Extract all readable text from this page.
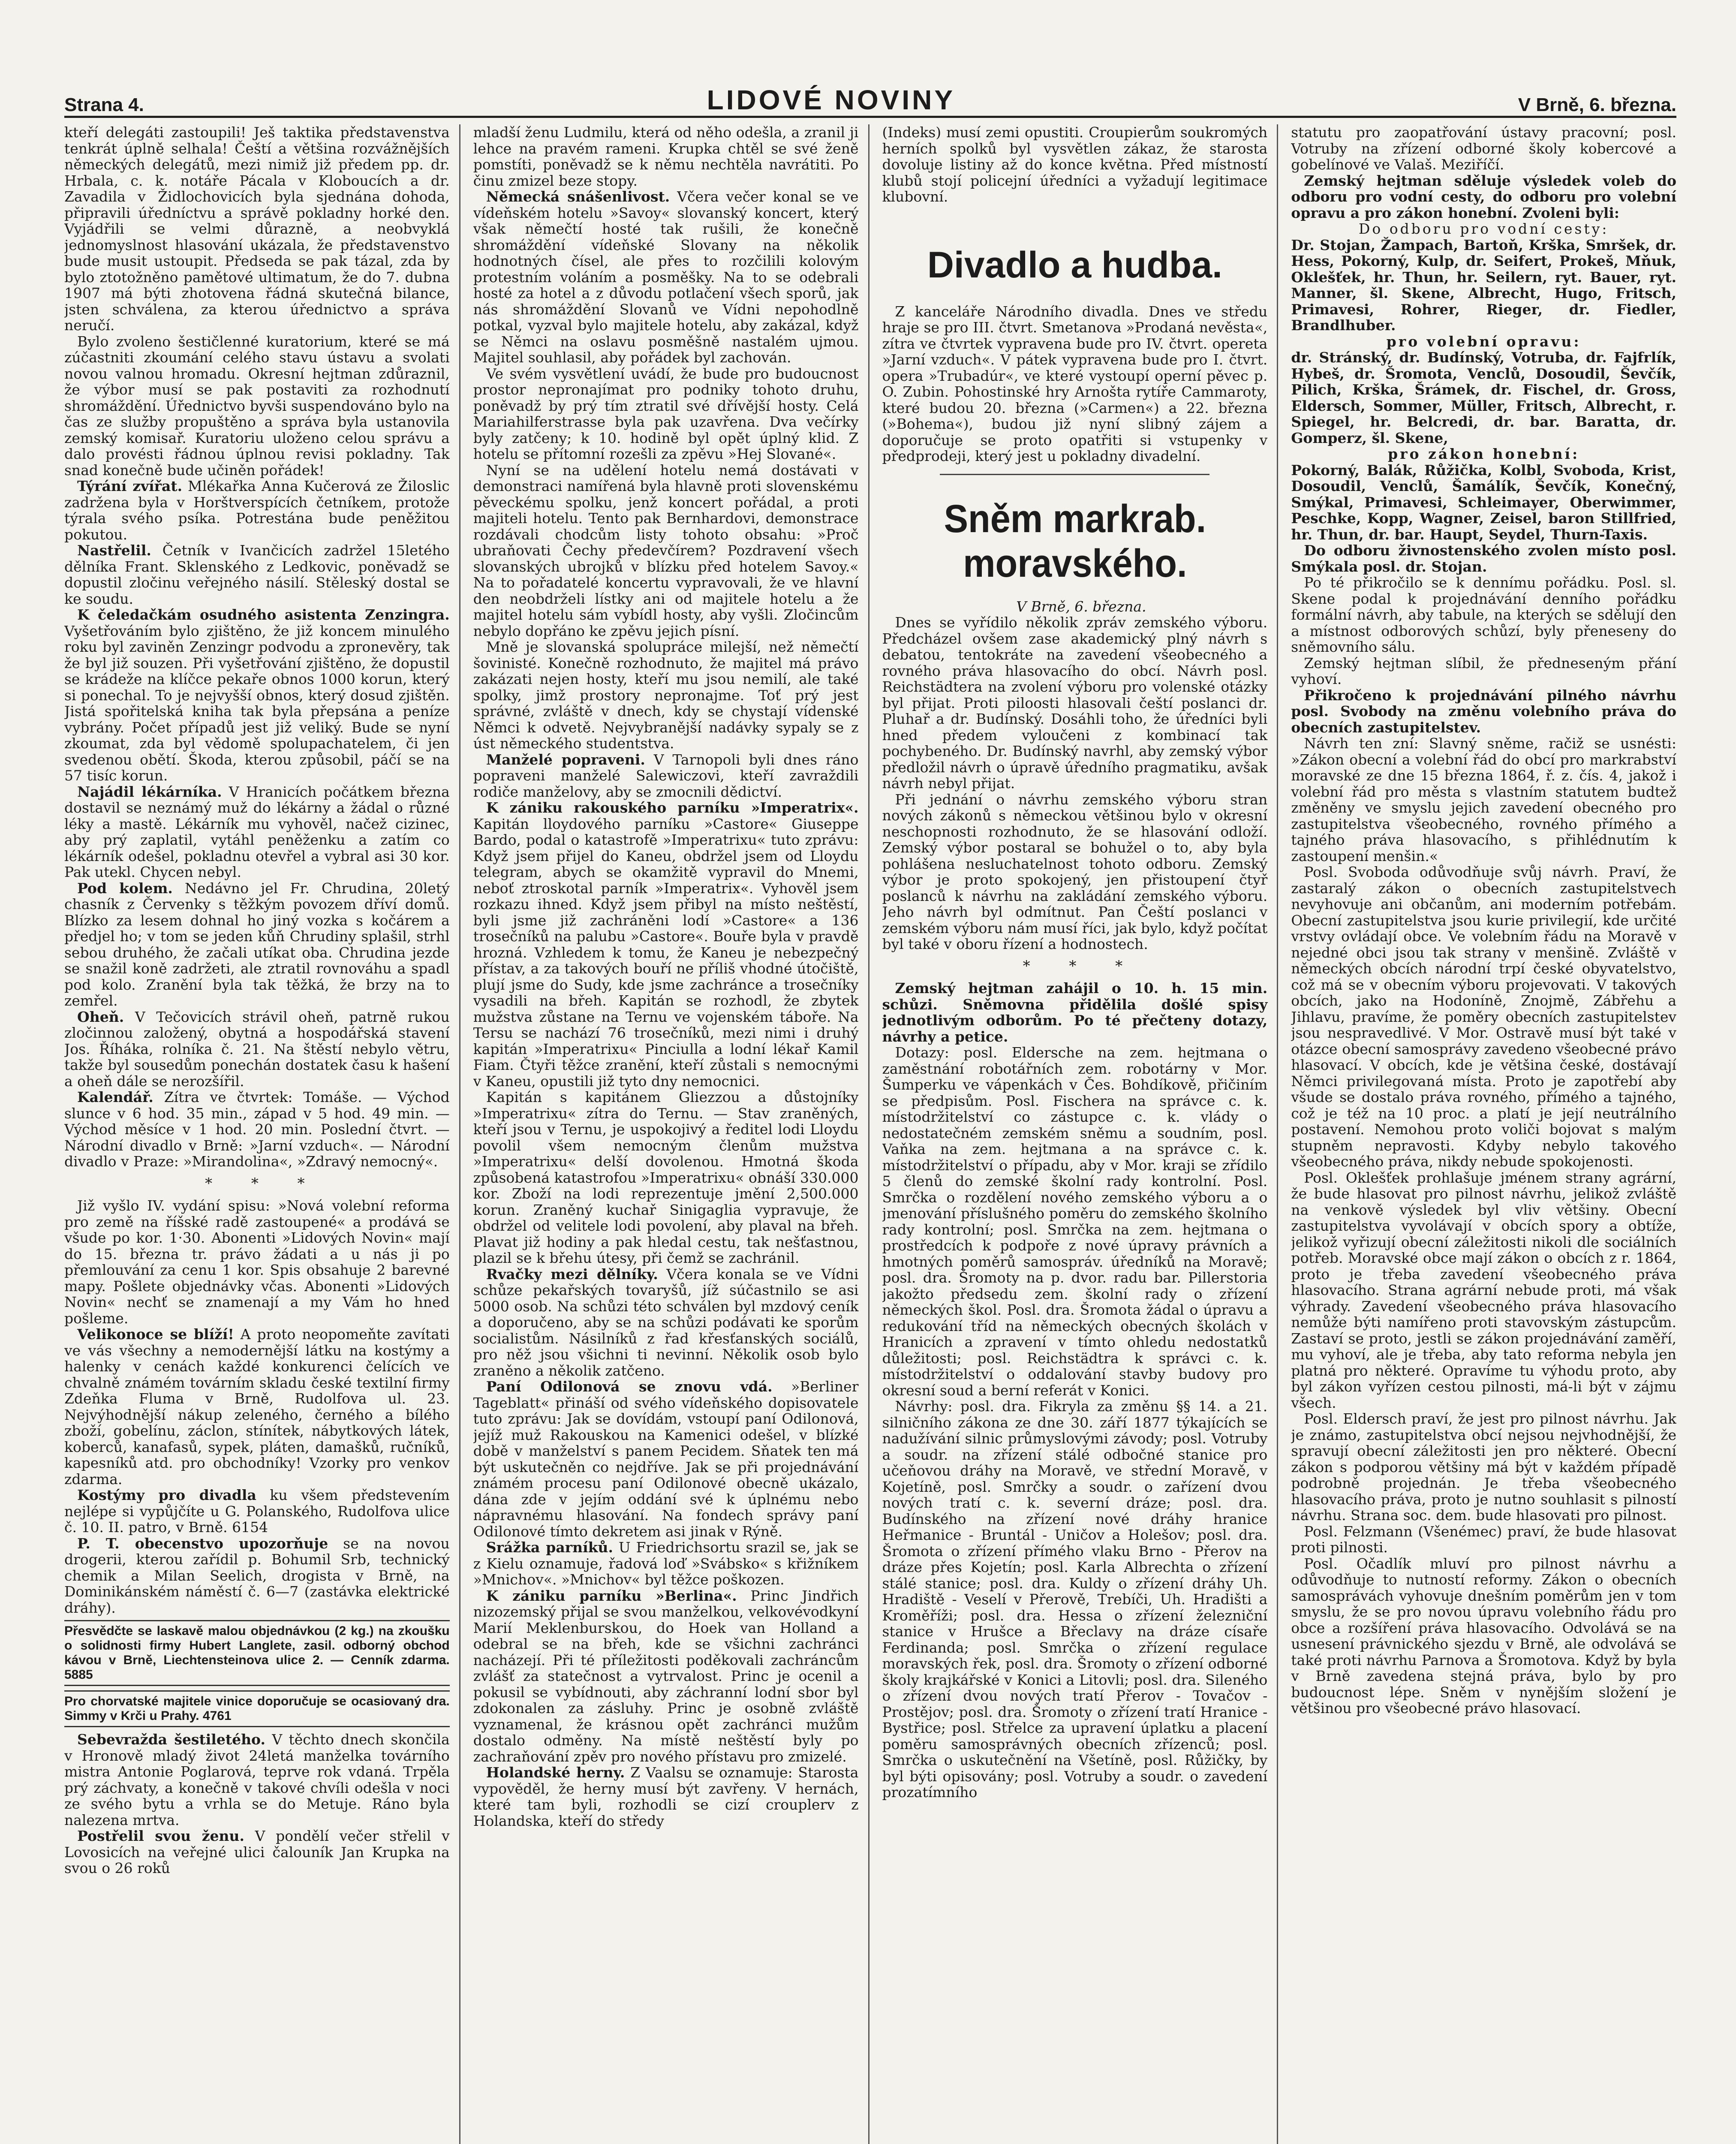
Strana 4.	LIDOVÉ NOVINY	V Brně, 6. března.

kteří delegáti zastoupili! Ješ taktika představenstva tenkrát úplně selhala! Čeští a většina rozvážnějších německých delegátů, mezi nimiž již předem pp. dr. Hrbala, c. k. notáře Pácala v Kloboucích a dr. Zavadila v Židlochovicích byla sjednána dohoda, připravili úředníctvu a správě pokladny horké den. Vyjádřili se velmi důrazně, a neobvyklá jednomyslnost hlasování ukázala, že představenstvo bude musit ustoupit. Předseda se pak tázal, zda by bylo ztotožněno pamětové ultimatum, že do 7. dubna 1907 má býti zhotovena řádná skutečná bilance, jsten schválena, za kterou úřednictvo a správa neručí.

Bylo zvoleno šestičlenné kuratorium, které se má zúčastniti zkoumání celého stavu ústavu a svolati novou valnou hromadu. Okresní hejtman zdůraznil, že výbor musí se pak postaviti za rozhodnutí shromáždění. Úřednictvo byvši suspendováno bylo na čas ze služby propuštěno a správa byla ustanovila zemský komisař. Kuratoriu uloženo celou správu a dalo provésti řádnou úplnou revisi pokladny. Tak snad konečně bude učiněn pořádek!

Týrání zvířat. Mlékařka Anna Kučerová ze Žiloslic zadržena byla v Horštverspících četníkem, protože týrala svého psíka. Potrestána bude peněžitou pokutou.

Nastřelil. Četník v Ivančicích zadržel 15letého dělníka Frant. Sklenského z Ledkovic, poněvadž se dopustil zločinu veřejného násilí. Stěleský dostal se ke soudu.

K čeledačkám osudného asistenta Zenzingra. Vyšetřováním bylo zjištěno, že již koncem minulého roku byl zaviněn Zenzingr podvodu a zpronevěry, tak že byl již souzen. Při vyšetřování zjištěno, že dopustil se krádeže na klíčce pekaře obnos 1000 korun, který si ponechal. To je nejvyšší obnos, který dosud zjištěn. Jistá spořitelská kniha tak byla přepsána a peníze vybrány. Počet případů jest již veliký. Bude se nyní zkoumat, zda byl vědomě spolupachatelem, či jen svedenou obětí. Škoda, kterou způsobil, páčí se na 57 tisíc korun.

Najádil lékárníka. V Hranicích počátkem března dostavil se neznámý muž do lékárny a žádal o různé léky a mastě. Lékárník mu vyhověl, načež cizinec, aby prý zaplatil, vytáhl peněženku a zatím co lékárník odešel, pokladnu otevřel a vybral asi 30 kor. Pak utekl. Chycen nebyl.

Pod kolem. Nedávno jel Fr. Chrudina, 20letý chasník z Červenky s těžkým povozem dříví domů. Blízko za lesem dohnal ho jiný vozka s kočárem a předjel ho; v tom se jeden kůň Chrudiny splašil, strhl sebou druhého, že začali utíkat oba. Chrudina jezde se snažil koně zadržeti, ale ztratil rovnováhu a spadl pod kolo. Zranění byla tak těžká, že brzy na to zemřel.

Oheň. V Tečovicích strávil oheň, patrně rukou zločinnou založený, obytná a hospodářská stavení Jos. Říháka, rolníka č. 21. Na štěstí nebylo větru, takže byl sousedům ponechán dostatek času k hašení a oheň dále se nerozšířil.

Kalendář. Zítra ve čtvrtek: Tomáše. — Východ slunce v 6 hod. 35 min., západ v 5 hod. 49 min. — Východ měsíce v 1 hod. 20 min. Poslední čtvrt. — Národní divadlo v Brně: »Jarní vzduch«. — Národní divadlo v Praze: »Mirandolina«, »Zdravý nemocný«.

* * *

Již vyšlo IV. vydání spisu: »Nová volební reforma pro země na říšské radě zastoupené« a prodává se všude po kor. 1·30. Abonenti »Lidových Novin« mají do 15. března tr. právo žádati a u nás ji po přemlouvání za cenu 1 kor. Spis obsahuje 2 barevné mapy. Pošlete objednávky včas. Abonenti »Lidových Novin« nechť se znamenají a my Vám ho hned pošleme.

Velikonoce se blíží! A proto neopomeňte zavítati ve vás všechny a nemodernější látku na kostýmy a halenky v cenách každé konkurenci čelících ve chvalně známém továrním skladu české textilní firmy Zdeňka Fluma v Brně, Rudolfova ul. 23. Nejvýhodnější nákup zeleného, černého a bílého zboží, gobelínu, záclon, stínítek, nábytkových látek, koberců, kanafasů, sypek, pláten, damašků, ručníků, kapesníků atd. pro obchodníky! Vzorky pro venkov zdarma.

Kostýmy pro divadla ku všem předstevením nejlépe si vypůjčíte u G. Polanského, Rudolfova ulice č. 10. II. patro, v Brně. 6154

P. T. obecenstvo upozorňuje se na novou drogerii, kterou zařídil p. Bohumil Srb, technický chemik a Milan Seelich, drogista v Brně, na Dominikánském náměstí č. 6—7 (zastávka elektrické dráhy).

Přesvědčte se laskavě malou objednávkou (2 kg.) na zkoušku o solidnosti firmy Hubert Langlete, zasil. odborný obchod kávou v Brně, Liechtensteinova ulice 2. — Cenník zdarma. 5885
Pro chorvatské majitele vinice doporučuje se ocasiovaný dra. Simmy v Krči u Prahy. 4761

Sebevražda šestiletého. V těchto dnech skončila v Hronově mladý život 24letá manželka továrního mistra Antonie Poglarová, teprve rok vdaná. Trpěla prý záchvaty, a konečně v takové chvíli odešla v noci ze svého bytu a vrhla se do Metuje. Ráno byla nalezena mrtva.

Postřelil svou ženu. V pondělí večer střelil v Lovosicích na veřejné ulici čalouník Jan Krupka na svou o 26 roků

mladší ženu Ludmilu, která od něho odešla, a zranil ji lehce na pravém rameni. Krupka chtěl se své ženě pomstíti, poněvadž se k němu nechtěla navrátiti. Po činu zmizel beze stopy.

Německá snášenlivost. Včera večer konal se ve vídeňském hotelu »Savoy« slovanský koncert, který však němečtí hosté tak rušili, že konečně shromáždění vídeňské Slovany na několik hodnotných čísel, ale přes to rozčilili kolovým protestním voláním a posměšky. Na to se odebrali hosté za hotel a z důvodu potlačení všech sporů, jak nás shromáždění Slovanů ve Vídni nepohodlně potkal, vyzval bylo majitele hotelu, aby zakázal, když se Němci na oslavu posměšně nastalém ujmou. Majitel souhlasil, aby pořádek byl zachován.

Ve svém vysvětlení uvádí, že bude pro budoucnost prostor nepronajímat pro podniky tohoto druhu, poněvadž by prý tím ztratil své dřívější hosty. Celá Mariahilferstrasse byla pak uzavřena. Dva večírky byly zatčeny; k 10. hodině byl opět úplný klid. Z hotelu se přítomní rozešli za zpěvu »Hej Slované«.

Nyní se na udělení hotelu nemá dostávati v demonstraci namířená byla hlavně proti slovenskému pěveckému spolku, jenž koncert pořádal, a proti majiteli hotelu. Tento pak Bernhardovi, demonstrace rozdávali chodcům listy tohoto obsahu: »Proč ubraňovati Čechy předevčírem? Pozdravení všech slovanských ubrojků v blízku před hotelem Savoy.« Na to pořadatelé koncertu vypravovali, že ve hlavní den neobdrželi lístky ani od majitele hotelu a že majitel hotelu sám vybídl hosty, aby vyšli. Zločincům nebylo dopřáno ke zpěvu jejich písní.

Mně je slovanská spolupráce milejší, než němečtí šovinisté. Konečně rozhodnuto, že majitel má právo zakázati nejen hosty, kteří mu jsou nemilí, ale také spolky, jimž prostory nepronajme. Toť prý jest správné, zvláště v dnech, kdy se chystají vídenské Němci k odvetě. Nejvybranější nadávky sypaly se z úst německého studentstva.

Manželé popraveni. V Tarnopoli byli dnes ráno popraveni manželé Salewiczovi, kteří zavraždili rodiče manželovy, aby se zmocnili dědictví.

K zániku rakouského parníku »Imperatrix«. Kapitán lloydového parníku »Castore« Giuseppe Bardo, podal o katastrofě »Imperatrixu« tuto zprávu: Když jsem přijel do Kaneu, obdržel jsem od Lloydu telegram, abych se okamžitě vypravil do Mnemi, neboť ztroskotal parník »Imperatrix«. Vyhověl jsem rozkazu ihned. Když jsem přibyl na místo neštěstí, byli jsme již zachráněni lodí »Castore« a 136 trosečníků na palubu »Castore«. Bouře byla v pravdě hrozná. Vzhledem k tomu, že Kaneu je nebezpečný přístav, a za takových bouří ne příliš vhodné útočiště, plují jsme do Sudy, kde jsme zachránce a trosečníky vysadili na břeh. Kapitán se rozhodl, že zbytek mužstva zůstane na Ternu ve vojenském táboře. Na Tersu se nachází 76 trosečníků, mezi nimi i druhý kapitán »Imperatrixu« Pinciulla a lodní lékař Kamil Fiam. Čtyři těžce zranění, kteří zůstali s nemocnými v Kaneu, opustili již tyto dny nemocnici.

Kapitán s kapitánem Gliezzou a důstojníky »Imperatrixu« zítra do Ternu. — Stav zraněných, kteří jsou v Ternu, je uspokojivý a ředitel lodi Lloydu povolil všem nemocným členům mužstva »Imperatrixu« delší dovolenou. Hmotná škoda způsobená katastrofou »Imperatrixu« obnáší 330.000 kor. Zboží na lodi reprezentuje jmění 2,500.000 korun. Zraněný kuchař Sinigaglia vypravuje, že obdržel od velitele lodi povolení, aby plaval na břeh. Plavat již hodiny a pak hledal cestu, tak nešťastnou, plazil se k břehu útesy, při čemž se zachránil.

Rvačky mezi dělníky. Včera konala se ve Vídni schůze pekařských tovaryšů, jíž súčastnilo se asi 5000 osob. Na schůzi této schválen byl mzdový ceník a doporučeno, aby se na schůzi podávati ke sporům socialistům. Násilníků z řad křesťanských sociálů, pro něž jsou všichni ti nevinní. Několik osob bylo zraněno a několik zatčeno.

Paní Odilonová se znovu vdá. »Berliner Tageblatt« přináší od svého vídeňského dopisovatele tuto zprávu: Jak se dovídám, vstoupí paní Odilonová, jejíž muž Rakouskou na Kamenici odešel, v blízké době v manželství s panem Pecidem. Sňatek ten má být uskutečněn co nejdříve. Jak se při projednávání známém procesu paní Odilonové obecně ukázalo, dána zde v jejím oddání své k úplnému nebo nápravnému hlasování. Na fondech správy paní Odilonové tímto dekretem asi jinak v Rýně.

Srážka parníků. U Friedrichsortu srazil se, jak se z Kielu oznamuje, řadová loď »Svábsko« s křižníkem »Mnichov«. »Mnichov« byl těžce poškozen.

K zániku parníku »Berlina«. Princ Jindřich nizozemský přijal se svou manželkou, velkovévodkyní Marií Meklenburskou, do Hoek van Holland a odebral se na břeh, kde se všichni zachránci nacházejí. Při té příležitosti poděkovali zachráncům zvlášť za statečnost a vytrvalost. Princ je ocenil a pokusil se vybídnouti, aby záchranní lodní sbor byl zdokonalen za zásluhy. Princ je osobně zvláště vyznamenal, že krásnou opět zachránci mužům dostalo odměny. Na místě neštěstí byly po zachraňování zpěv pro nového přístavu pro zmizelé.

Holandské herny. Z Vaalsu se oznamuje: Starosta vypověděl, že herny musí být zavřeny. V hernách, které tam byli, rozhodli se cizí crouplerv z Holandska, kteří do středy

(Indeks) musí zemi opustiti. Croupierům soukromých herních spolků byl vysvětlen zákaz, že starosta dovoluje listiny až do konce května. Před místností klubů stojí policejní úředníci a vyžadují legitimace klubovní.

Divadlo a hudba.

Z kanceláře Národního divadla. Dnes ve středu hraje se pro III. čtvrt. Smetanova »Prodaná nevěsta«, zítra ve čtvrtek vypravena bude pro IV. čtvrt. opereta »Jarní vzduch«. V pátek vypravena bude pro I. čtvrt. opera »Trubadúr«, ve které vystoupí operní pěvec p. O. Zubin. Pohostinské hry Arnošta rytíře Cammaroty, které budou 20. března (»Carmen«) a 22. března (»Bohema«), budou již nyní slibný zájem a doporučuje se proto opatřiti si vstupenky v předprodeji, který jest u pokladny divadelní.

Sněm markrab. moravského.

V Brně, 6. března.

Dnes se vyřídilo několik zpráv zemského výboru. Předcházel ovšem zase akademický plný návrh s debatou, tentokráte na zavedení všeobecného a rovného práva hlasovacího do obcí. Návrh posl. Reichstädtera na zvolení výboru pro volenské otázky byl přijat. Proti piloosti hlasovali čeští poslanci dr. Pluhař a dr. Budínský. Dosáhli toho, že úředníci byli hned předem vyloučeni z kombinací tak pochybeného. Dr. Budínský navrhl, aby zemský výbor předložil návrh o úpravě úředního pragmatiku, avšak návrh nebyl přijat.

Při jednání o návrhu zemského výboru stran nových zákonů s německou většinou bylo v okresní neschopnosti rozhodnuto, že se hlasování odloží. Zemský výbor postaral se bohužel o to, aby byla pohlášena nesluchatelnost tohoto odboru. Zemský výbor je proto spokojený, jen přistoupení čtyř poslanců k návrhu na zakládání zemského výboru. Jeho návrh byl odmítnut. Pan Čeští poslanci v zemském výboru nám musí říci, jak bylo, když počítat byl také v oboru řízení a hodnostech.

* * *

Zemský hejtman zahájil o 10. h. 15 min. schůzi. Sněmovna přidělila došlé spisy jednotlivým odborům. Po té přečteny dotazy, návrhy a petice.

Dotazy: posl. Eldersche na zem. hejtmana o zaměstnání robotářních zem. robotárny v Mor. Šumperku ve vápenkách v Čes. Bohdíkově, přičiním se předpisům. Posl. Fischera na správce c. k. místodržitelství co zástupce c. k. vlády o nedostatečném zemském sněmu a soudním, posl. Vaňka na zem. hejtmana a na správce c. k. místodržitelství o případu, aby v Mor. kraji se zřídilo 5 členů do zemské školní rady kontrolní. Posl. Smrčka o rozdělení nového zemského výboru a o jmenování příslušného poměru do zemského školního rady kontrolní; posl. Smrčka na zem. hejtmana o prostředcích k podpoře z nové úpravy právních a hmotných poměrů samospráv. úředníků na Moravě; posl. dra. Šromoty na p. dvor. radu bar. Pillerstoria jakožto předsedu zem. školní rady o zřízení německých škol. Posl. dra. Šromota žádal o úpravu a redukování tříd na německých obecných školách v Hranicích a zpravení v tímto ohledu nedostatků důležitosti; posl. Reichstädtra k správci c. k. místodržitelství o oddalování stavby budovy pro okresní soud a berní referát v Konici.

Návrhy: posl. dra. Fikryla za změnu §§ 14. a 21. silničního zákona ze dne 30. září 1877 týkajících se nadužívání silnic průmyslovými závody; posl. Votruby a soudr. na zřízení stálé odbočné stanice pro učeňovou dráhy na Moravě, ve střední Moravě, v Kojetíně, posl. Smrčky a soudr. o zařízení dvou nových tratí c. k. severní dráze; posl. dra. Budínského na zřízení nové dráhy hranice Heřmanice - Bruntál - Uničov a Holešov; posl. dra. Šromota o zřízení přímého vlaku Brno - Přerov na dráze přes Kojetín; posl. Karla Albrechta o zřízení stálé stanice; posl. dra. Kuldy o zřízení dráhy Uh. Hradiště - Veselí v Přerově, Trebíči, Uh. Hradišti a Kroměříži; posl. dra. Hessa o zřízení železniční stanice v Hrušce a Břeclavy na dráze císaře Ferdinanda; posl. Smrčka o zřízení regulace moravských řek, posl. dra. Šromoty o zřízení odborné školy krajkářské v Konici a Litovli; posl. dra. Sileného o zřízení dvou nových tratí Přerov - Tovačov - Prostějov; posl. dra. Šromoty o zřízení tratí Hranice - Bystřice; posl. Střelce za upravení úplatku a placení poměru samosprávných obecních zřízenců; posl. Smrčka o uskutečnění na Všetíně, posl. Růžičky, by byl býti opisovány; posl. Votruby a soudr. o zavedení prozatímního

statutu pro zaopatřování ústavy pracovní; posl. Votruby na zřízení odborné školy kobercové a gobelínové ve Valaš. Meziříčí.

Zemský hejtman sděluje výsledek voleb do odboru pro vodní cesty, do odboru pro volební opravu a pro zákon honební. Zvoleni byli:

Do odboru pro vodní cesty:

Dr. Stojan, Žampach, Bartoň, Krška, Smršek, dr. Hess, Pokorný, Kulp, dr. Seifert, Prokeš, Mňuk, Oklešťek, hr. Thun, hr. Seilern, ryt. Bauer, ryt. Manner, šl. Skene, Albrecht, Hugo, Fritsch, Primavesi, Rohrer, Rieger, dr. Fiedler, Brandlhuber.

pro volební opravu:

dr. Stránský, dr. Budínský, Votruba, dr. Fajfrlík, Hybeš, dr. Šromota, Venclů, Dosoudil, Ševčík, Pilich, Krška, Šrámek, dr. Fischel, dr. Gross, Eldersch, Sommer, Müller, Fritsch, Albrecht, r. Spiegel, hr. Belcredi, dr. bar. Baratta, dr. Gomperz, šl. Skene,

pro zákon honební:

Pokorný, Balák, Růžička, Kolbl, Svoboda, Krist, Dosoudil, Venclů, Šamálík, Ševčík, Konečný, Smýkal, Primavesi, Schleimayer, Oberwimmer, Peschke, Kopp, Wagner, Zeisel, baron Stillfried, hr. Thun, dr. bar. Haupt, Seydel, Thurn-Taxis.

Do odboru živnostenského zvolen místo posl. Smýkala posl. dr. Stojan.

Po té přikročilo se k dennímu pořádku. Posl. sl. Skene podal k projednávání denního pořádku formální návrh, aby tabule, na kterých se sdělují den a místnost odborových schůzí, byly přeneseny do sněmovního sálu.

Zemský hejtman slíbil, že předneseným přání vyhoví.

Přikročeno k projednávání pilného návrhu posl. Svobody na změnu volebního práva do obecních zastupitelstev.

Návrh ten zní: Slavný sněme, račiž se usnésti: »Zákon obecní a volební řád do obcí pro markrabství moravské ze dne 15 března 1864, ř. z. čís. 4, jakož i volební řád pro města s vlastním statutem budtež změněny ve smyslu jejich zavedení obecného pro zastupitelstva všeobecného, rovného přímého a tajného práva hlasovacího, s přihlédnutím k zastoupení menšin.«

Posl. Svoboda odůvodňuje svůj návrh. Praví, že zastaralý zákon o obecních zastupitelstvech nevyhovuje ani občanům, ani moderním potřebám. Obecní zastupitelstva jsou kurie privilegií, kde určité vrstvy ovládají obce. Ve volebním řádu na Moravě v nejedné obci jsou tak strany v menšině. Zvláště v německých obcích národní trpí české obyvatelstvo, což má se v obecním výboru projevovati. V takových obcích, jako na Hodoníně, Znojmě, Zábřehu a Jihlavu, pravíme, že poměry obecních zastupitelstev jsou nespravedlivé. V Mor. Ostravě musí být také v otázce obecní samosprávy zavedeno všeobecné právo hlasovací. V obcích, kde je většina české, dostávají Němci privilegovaná místa. Proto je zapotřebí aby všude se dostalo práva rovného, přímého a tajného, což je též na 10 proc. a platí je její neutrálního postavení. Nemohou proto voliči bojovat s malým stupněm nepravosti. Kdyby nebylo takového všeobecného práva, nikdy nebude spokojenosti.

Posl. Oklešťek prohlašuje jménem strany agrární, že bude hlasovat pro pilnost návrhu, jelikož zvláště na venkově výsledek byl vliv většiny. Obecní zastupitelstva vyvolávají v obcích spory a obtíže, jelikož vyřizují obecní záležitosti nikoli dle sociálních potřeb. Moravské obce mají zákon o obcích z r. 1864, proto je třeba zavedení všeobecného práva hlasovacího. Strana agrární nebude proti, má však výhrady. Zavedení všeobecného práva hlasovacího nemůže býti namířeno proti stavovským zástupcům. Zastaví se proto, jestli se zákon projednávání zaměří, mu vyhoví, ale je třeba, aby tato reforma nebyla jen platná pro některé. Opravíme tu výhodu proto, aby byl zákon vyřízen cestou pilnosti, má-li být v zájmu všech.

Posl. Eldersch praví, že jest pro pilnost návrhu. Jak je známo, zastupitelstva obcí nejsou nejvhodnější, že spravují obecní záležitosti jen pro některé. Obecní zákon s podporou většiny má být v každém případě podrobně projednán. Je třeba všeobecného hlasovacího práva, proto je nutno souhlasit s pilností návrhu. Strana soc. dem. bude hlasovati pro pilnost.

Posl. Felzmann (Všenémec) praví, že bude hlasovat proti pilnosti.

Posl. Očadlík mluví pro pilnost návrhu a odůvodňuje to nutností reformy. Zákon o obecních samosprávách vyhovuje dnešním poměrům jen v tom smyslu, že se pro novou úpravu volebního řádu pro obce a rozšíření práva hlasovacího. Odvolává se na usnesení právnického sjezdu v Brně, ale odvolává se také proti návrhu Parnova a Šromotova. Když by byla v Brně zavedena stejná práva, bylo by pro budoucnost lépe. Sněm v nynějším složení je většinou pro všeobecné právo hlasovací.
